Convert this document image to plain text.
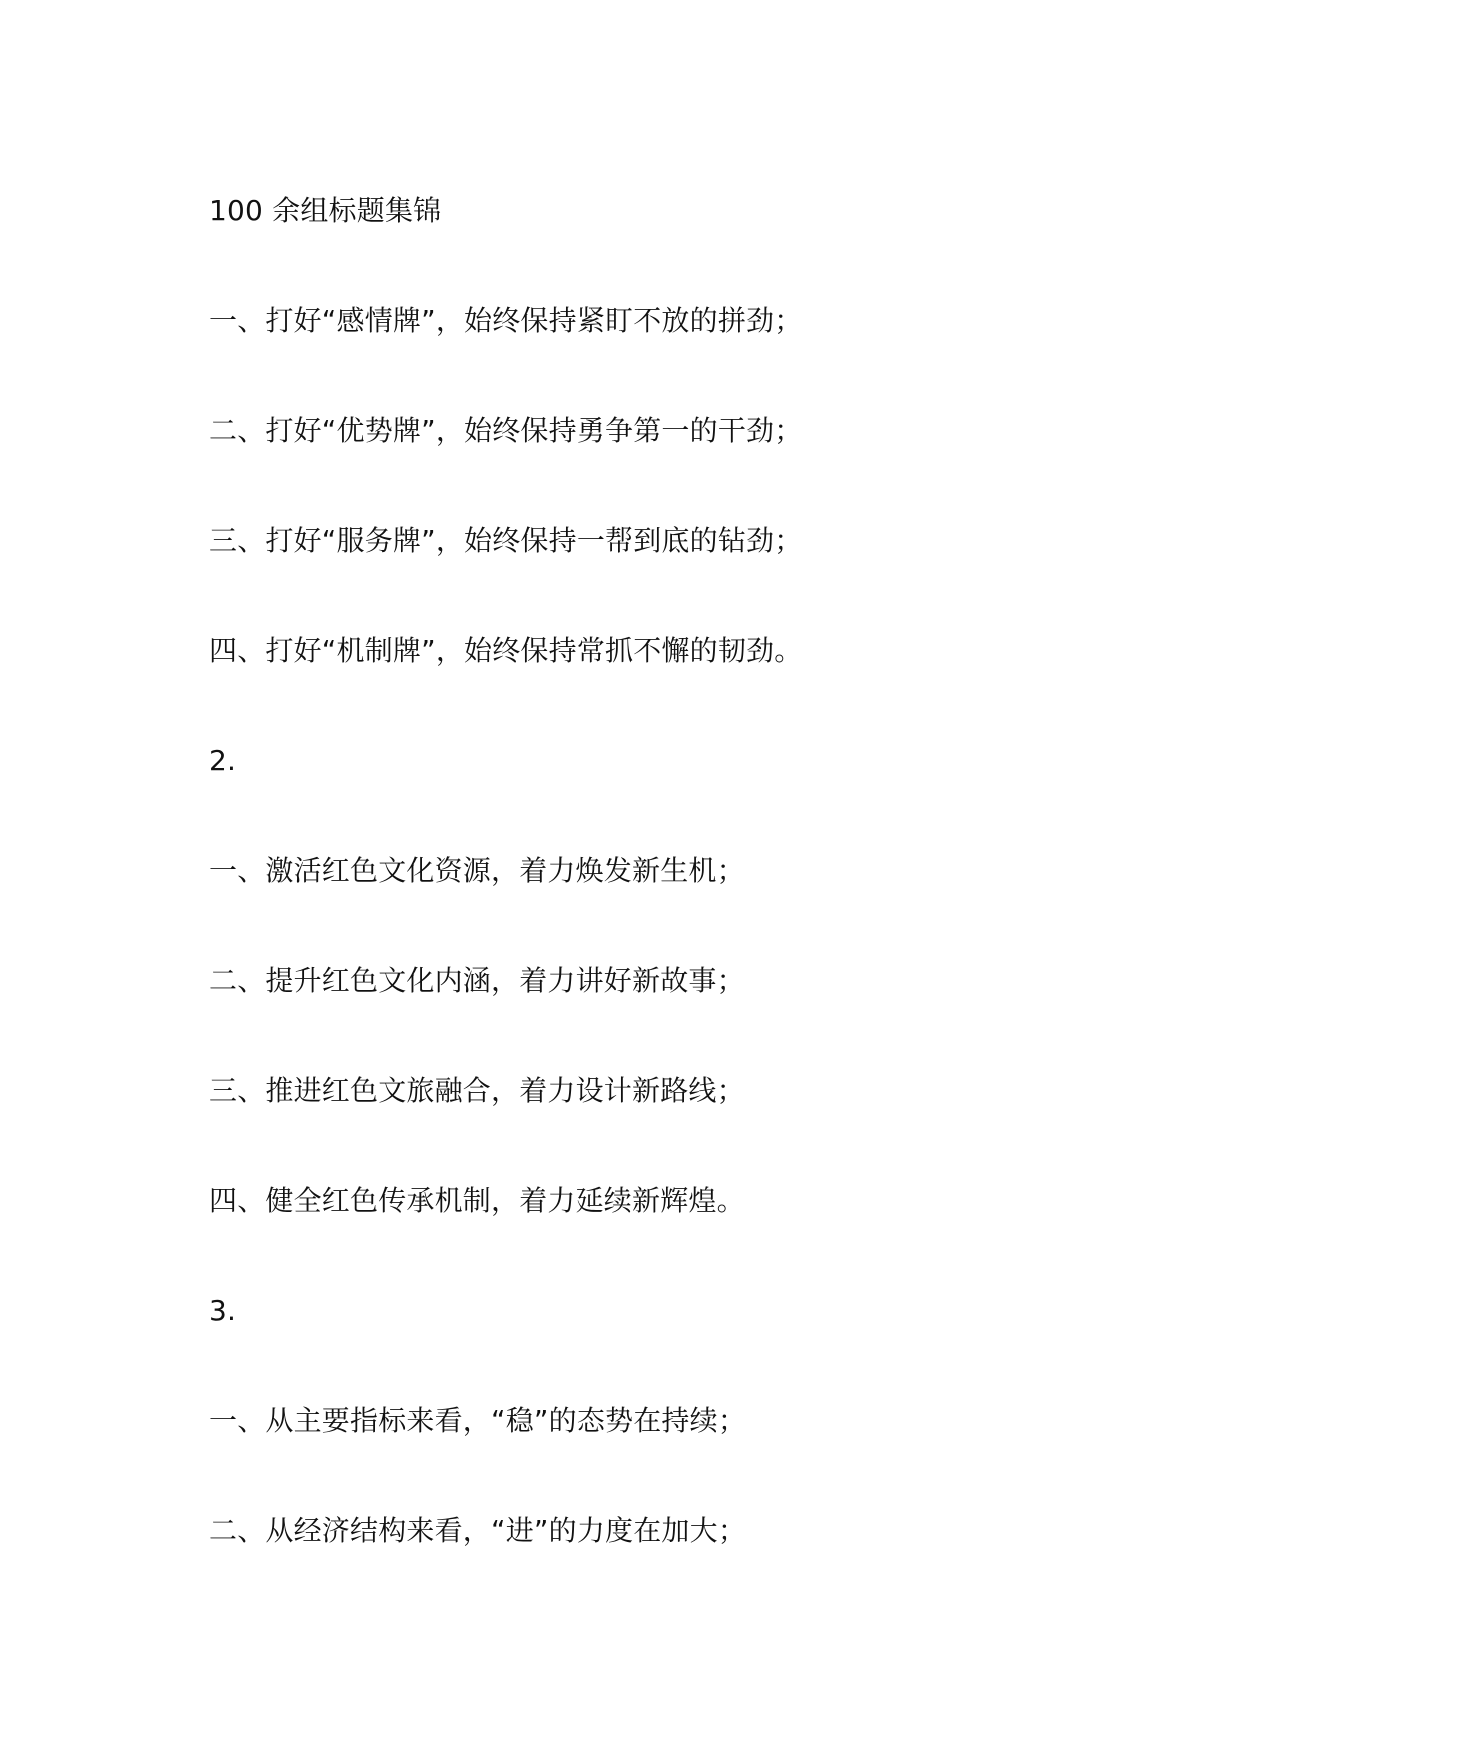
100 余组标题集锦
一、打好“感情牌”，始终保持紧盯不放的拼劲；
二、打好“优势牌”，始终保持勇争第一的干劲；
三、打好“服务牌”，始终保持一帮到底的钻劲；
四、打好“机制牌”，始终保持常抓不懈的韧劲。
2.
一、激活红色文化资源，着力焕发新生机；
二、提升红色文化内涵，着力讲好新故事；
三、推进红色文旅融合，着力设计新路线；
四、健全红色传承机制，着力延续新辉煌。
3.
一、从主要指标来看，“稳”的态势在持续；
二、从经济结构来看，“进”的力度在加大；
